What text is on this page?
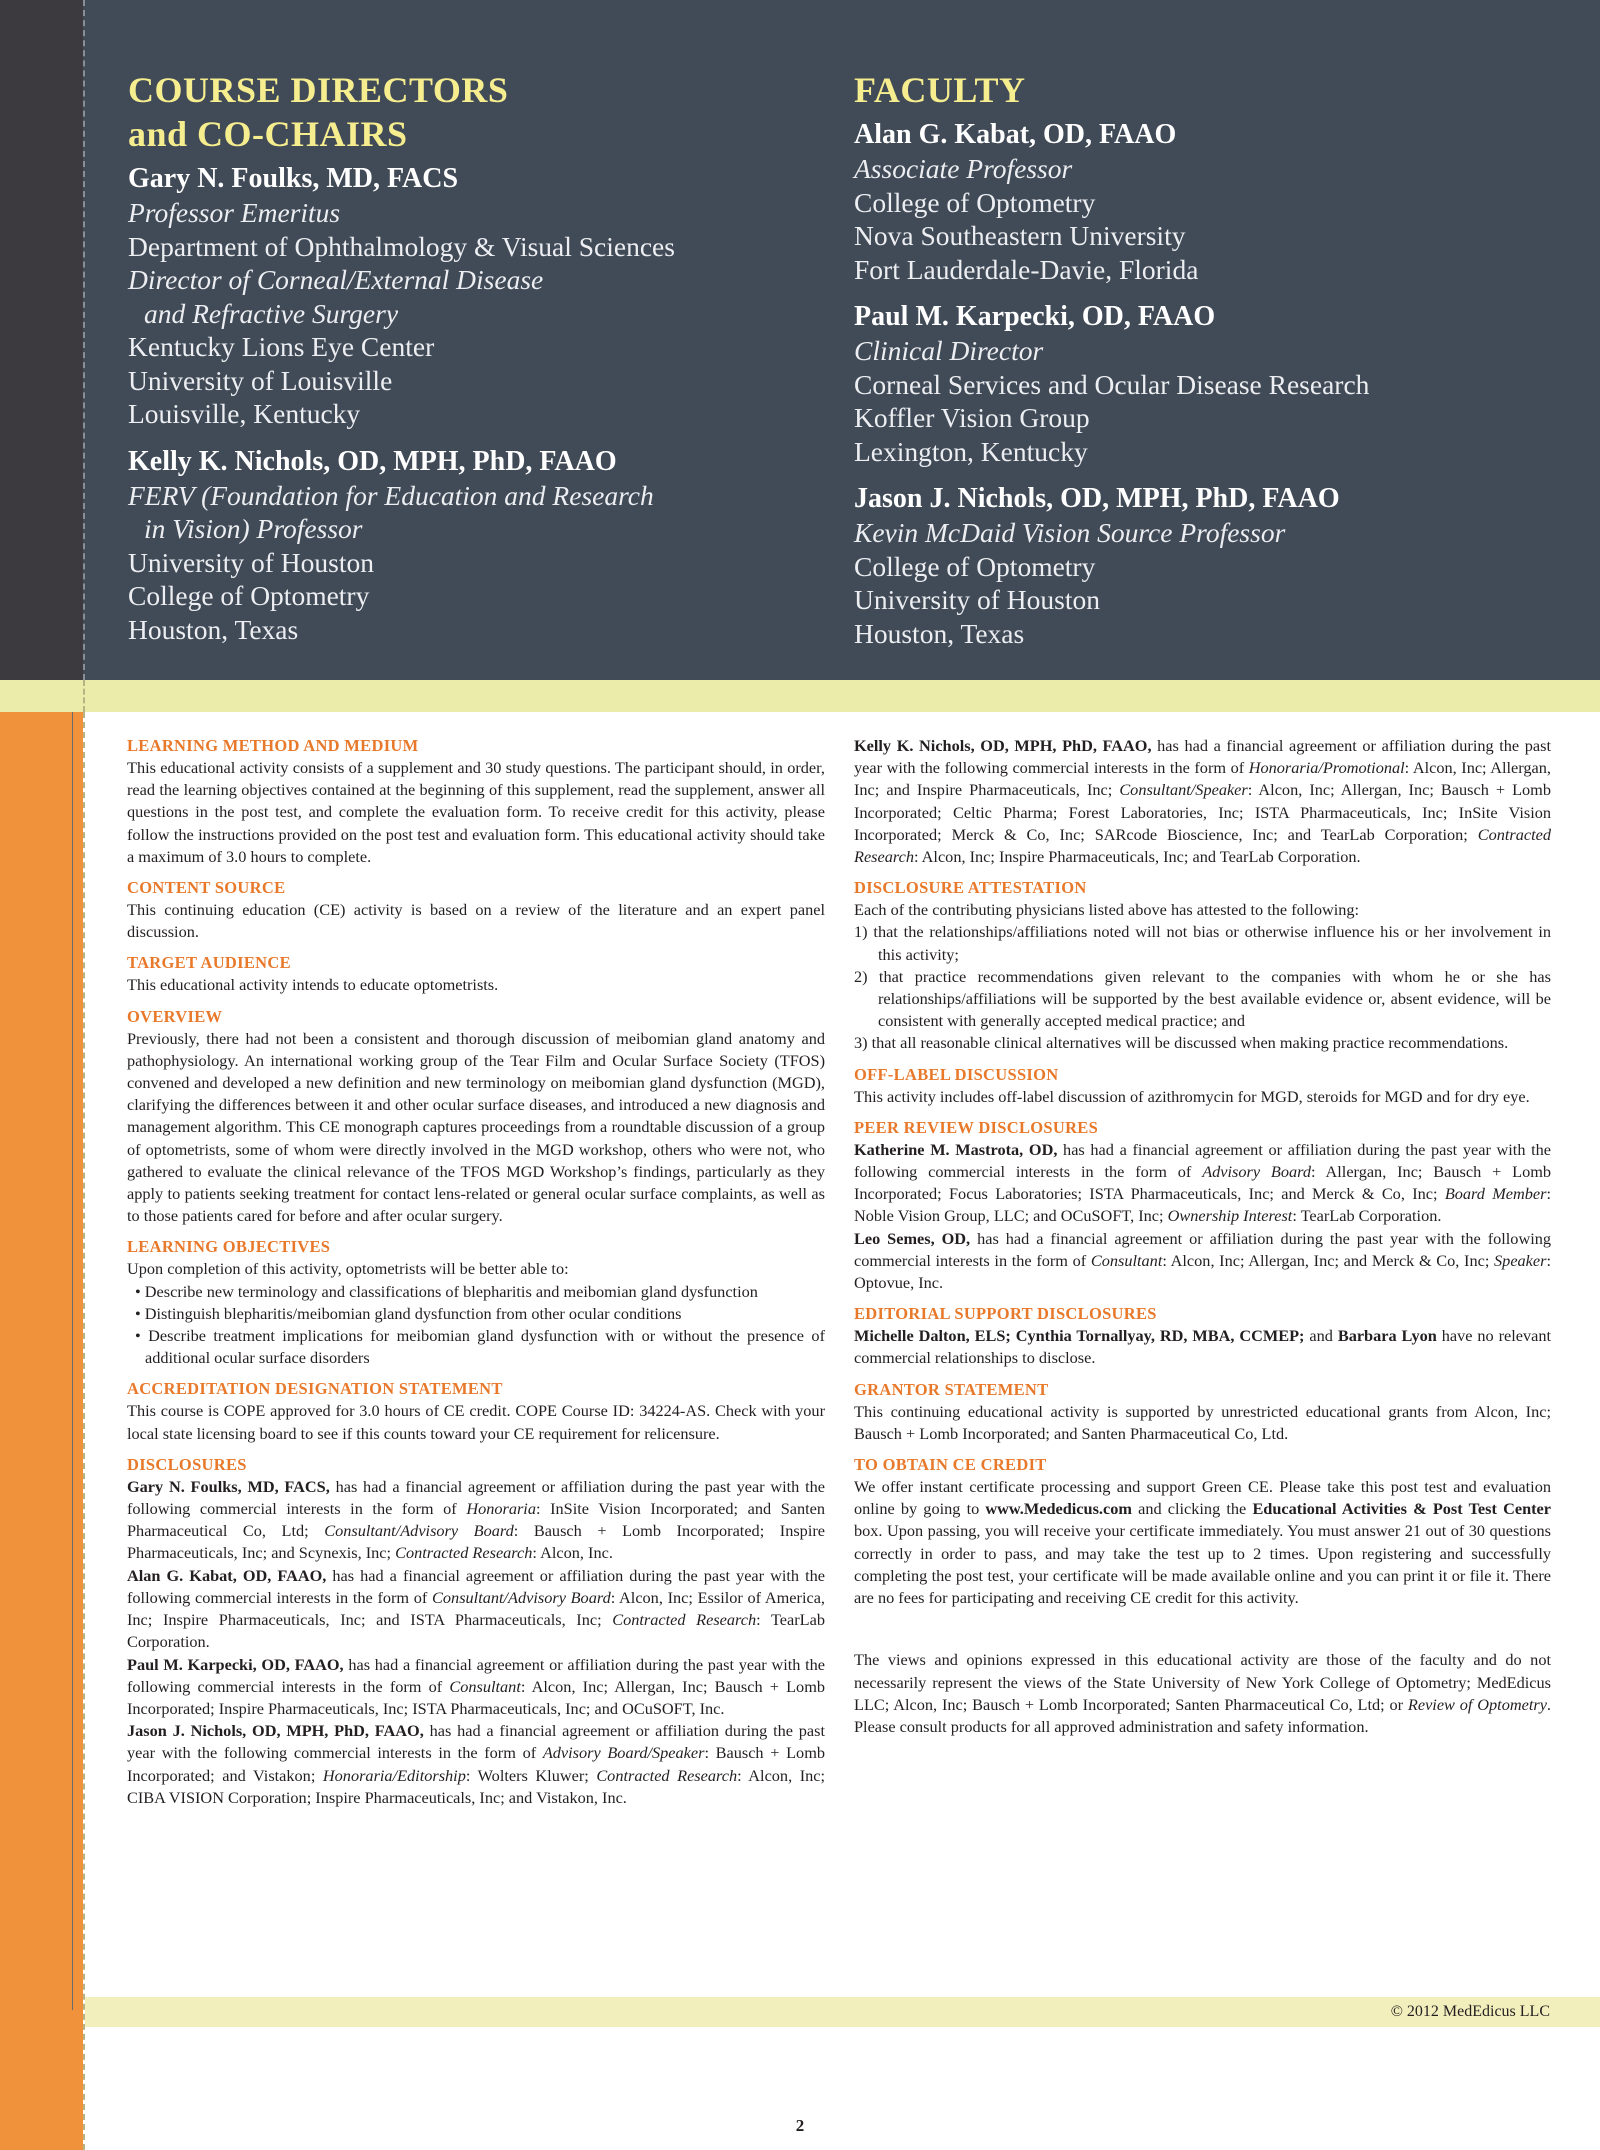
COURSE DIRECTORS
and CO-CHAIRS
Gary N. Foulks, MD, FACS
Professor Emeritus
Department of Ophthalmology & Visual Sciences
Director of Corneal/External Disease
and Refractive Surgery
Kentucky Lions Eye Center
University of Louisville
Louisville, Kentucky
Kelly K. Nichols, OD, MPH, PhD, FAAO
FERV (Foundation for Education and Research
in Vision) Professor
University of Houston
College of Optometry
Houston, Texas
FACULTY
Alan G. Kabat, OD, FAAO
Associate Professor
College of Optometry
Nova Southeastern University
Fort Lauderdale-Davie, Florida
Paul M. Karpecki, OD, FAAO
Clinical Director
Corneal Services and Ocular Disease Research
Koffler Vision Group
Lexington, Kentucky
Jason J. Nichols, OD, MPH, PhD, FAAO
Kevin McDaid Vision Source Professor
College of Optometry
University of Houston
Houston, Texas
LEARNING METHOD AND MEDIUM

This educational activity consists of a supplement and 30 study questions. The participant should, in order, read the learning objectives contained at the beginning of this supplement, read the supplement, answer all questions in the post test, and complete the evaluation form. To receive credit for this activity, please follow the instructions provided on the post test and evaluation form. This educational activity should take a maximum of 3.0 hours to complete.

CONTENT SOURCE

This continuing education (CE) activity is based on a review of the literature and an expert panel discussion.

TARGET AUDIENCE

This educational activity intends to educate optometrists.

OVERVIEW

Previously, there had not been a consistent and thorough discussion of meibomian gland anatomy and pathophysiology. An international working group of the Tear Film and Ocular Surface Society (TFOS) convened and developed a new definition and new terminology on meibomian gland dysfunction (MGD), clarifying the differences between it and other ocular surface diseases, and introduced a new diagnosis and management algorithm. This CE monograph captures proceedings from a roundtable discussion of a group of optometrists, some of whom were directly involved in the MGD workshop, others who were not, who gathered to evaluate the clinical relevance of the TFOS MGD Workshop’s findings, particularly as they apply to patients seeking treatment for contact lens-related or general ocular surface complaints, as well as to those patients cared for before and after ocular surgery.

LEARNING OBJECTIVES

Upon completion of this activity, optometrists will be better able to:

• Describe new terminology and classifications of blepharitis and meibomian gland dysfunction
• Distinguish blepharitis/meibomian gland dysfunction from other ocular conditions
• Describe treatment implications for meibomian gland dysfunction with or without the presence of additional ocular surface disorders
ACCREDITATION DESIGNATION STATEMENT

This course is COPE approved for 3.0 hours of CE credit. COPE Course ID: 34224-AS. Check with your local state licensing board to see if this counts toward your CE requirement for relicensure.

DISCLOSURES

Gary N. Foulks, MD, FACS, has had a financial agreement or affiliation during the past year with the following commercial interests in the form of Honoraria: InSite Vision Incorporated; and Santen Pharmaceutical Co, Ltd; Consultant/Advisory Board: Bausch + Lomb Incorporated; Inspire Pharmaceuticals, Inc; and Scynexis, Inc; Contracted Research: Alcon, Inc.

Alan G. Kabat, OD, FAAO, has had a financial agreement or affiliation during the past year with the following commercial interests in the form of Consultant/Advisory Board: Alcon, Inc; Essilor of America, Inc; Inspire Pharmaceuticals, Inc; and ISTA Pharmaceuticals, Inc; Contracted Research: TearLab Corporation.

Paul M. Karpecki, OD, FAAO, has had a financial agreement or affiliation during the past year with the following commercial interests in the form of Consultant: Alcon, Inc; Allergan, Inc; Bausch + Lomb Incorporated; Inspire Pharmaceuticals, Inc; ISTA Pharmaceuticals, Inc; and OCuSOFT, Inc.

Jason J. Nichols, OD, MPH, PhD, FAAO, has had a financial agreement or affiliation during the past year with the following commercial interests in the form of Advisory Board/Speaker: Bausch + Lomb Incorporated; and Vistakon; Honoraria/Editorship: Wolters Kluwer; Contracted Research: Alcon, Inc; CIBA VISION Corporation; Inspire Pharmaceuticals, Inc; and Vistakon, Inc.

Kelly K. Nichols, OD, MPH, PhD, FAAO, has had a financial agreement or affiliation during the past year with the following commercial interests in the form of Honoraria/Promotional: Alcon, Inc; Allergan, Inc; and Inspire Pharmaceuticals, Inc; Consultant/Speaker: Alcon, Inc; Allergan, Inc; Bausch + Lomb Incorporated; Celtic Pharma; Forest Laboratories, Inc; ISTA Pharmaceuticals, Inc; InSite Vision Incorporated; Merck & Co, Inc; SARcode Bioscience, Inc; and TearLab Corporation; Contracted Research: Alcon, Inc; Inspire Pharmaceuticals, Inc; and TearLab Corporation.

DISCLOSURE ATTESTATION

Each of the contributing physicians listed above has attested to the following:

1) that the relationships/affiliations noted will not bias or otherwise influence his or her involvement in this activity;
2) that practice recommendations given relevant to the companies with whom he or she has relationships/affiliations will be supported by the best available evidence or, absent evidence, will be consistent with generally accepted medical practice; and
3) that all reasonable clinical alternatives will be discussed when making practice recommendations.
OFF-LABEL DISCUSSION

This activity includes off-label discussion of azithromycin for MGD, steroids for MGD and for dry eye.

PEER REVIEW DISCLOSURES

Katherine M. Mastrota, OD, has had a financial agreement or affiliation during the past year with the following commercial interests in the form of Advisory Board: Allergan, Inc; Bausch + Lomb Incorporated; Focus Laboratories; ISTA Pharmaceuticals, Inc; and Merck & Co, Inc; Board Member: Noble Vision Group, LLC; and OCuSOFT, Inc; Ownership Interest: TearLab Corporation.

Leo Semes, OD, has had a financial agreement or affiliation during the past year with the following commercial interests in the form of Consultant: Alcon, Inc; Allergan, Inc; and Merck & Co, Inc; Speaker: Optovue, Inc.

EDITORIAL SUPPORT DISCLOSURES

Michelle Dalton, ELS; Cynthia Tornallyay, RD, MBA, CCMEP; and Barbara Lyon have no relevant commercial relationships to disclose.

GRANTOR STATEMENT

This continuing educational activity is supported by unrestricted educational grants from Alcon, Inc; Bausch + Lomb Incorporated; and Santen Pharmaceutical Co, Ltd.

TO OBTAIN CE CREDIT

We offer instant certificate processing and support Green CE. Please take this post test and evaluation online by going to www.Mededicus.com and clicking the Educational Activities & Post Test Center box. Upon passing, you will receive your certificate immediately. You must answer 21 out of 30 questions correctly in order to pass, and may take the test up to 2 times. Upon registering and successfully completing the post test, your certificate will be made available online and you can print it or file it. There are no fees for participating and receiving CE credit for this activity.

The views and opinions expressed in this educational activity are those of the faculty and do not necessarily represent the views of the State University of New York College of Optometry; MedEdicus LLC; Alcon, Inc; Bausch + Lomb Incorporated; Santen Pharmaceutical Co, Ltd; or Review of Optometry. Please consult products for all approved administration and safety information.

© 2012 MedEdicus LLC
2
